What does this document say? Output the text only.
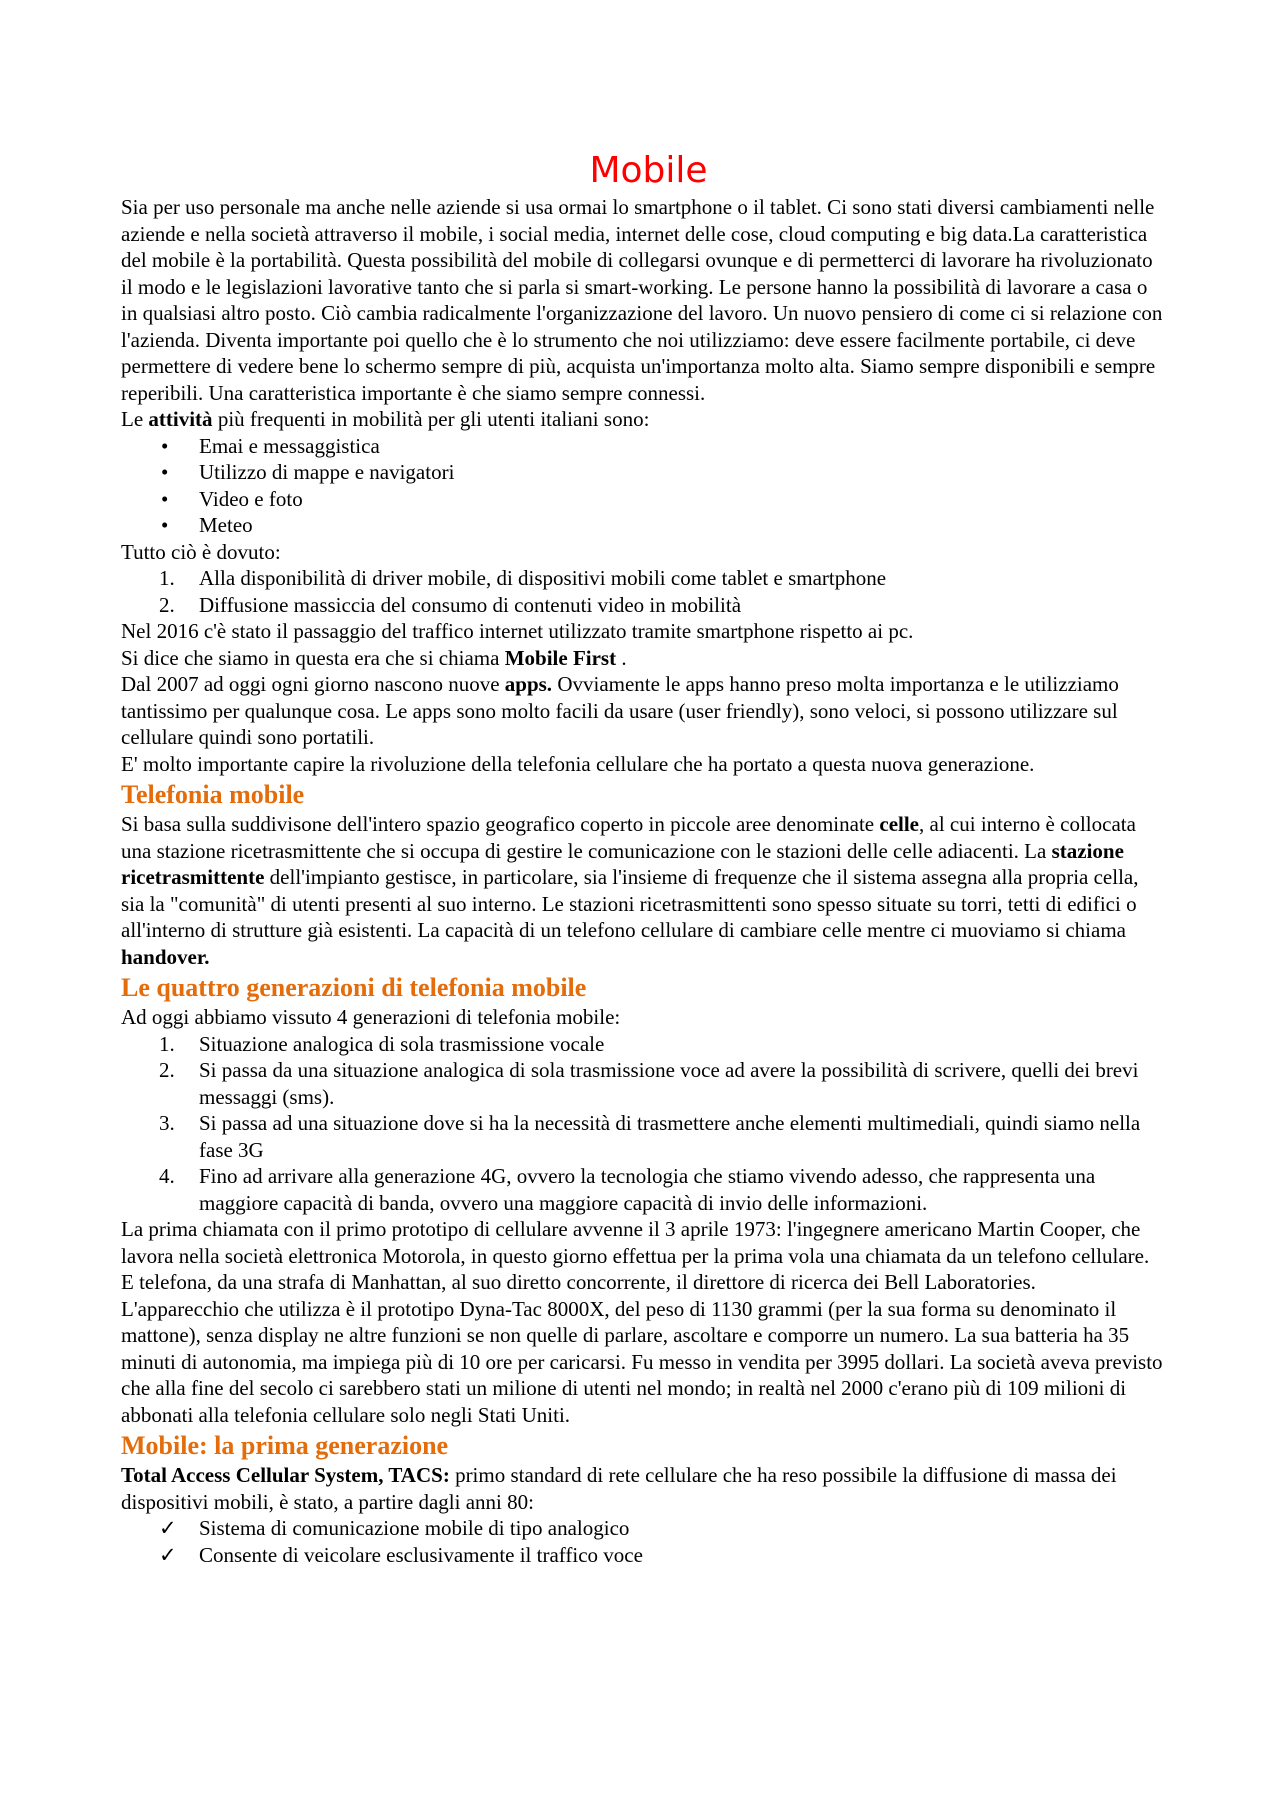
Mobile

Sia per uso personale ma anche nelle aziende si usa ormai lo smartphone o il tablet. Ci sono stati diversi cambiamenti nelle aziende e nella società attraverso il mobile, i social media, internet delle cose, cloud computing e big data.La caratteristica del mobile è la portabilità. Questa possibilità del mobile di collegarsi ovunque e di permetterci di lavorare ha rivoluzionato il modo e le legislazioni lavorative tanto che si parla si smart-working. Le persone hanno la possibilità di lavorare a casa o in qualsiasi altro posto. Ciò cambia radicalmente l'organizzazione del lavoro. Un nuovo pensiero di come ci si relazione con l'azienda. Diventa importante poi quello che è lo strumento che noi utilizziamo: deve essere facilmente portabile, ci deve permettere di vedere bene lo schermo sempre di più, acquista un'importanza molto alta. Siamo sempre disponibili e sempre reperibili. Una caratteristica importante è che siamo sempre connessi.

Le attività più frequenti in mobilità per gli utenti italiani sono:

•	Emai e messaggistica
•	Utilizzo di mappe e navigatori
•	Video e foto
•	Meteo

Tutto ciò è dovuto:

1.	Alla disponibilità di driver mobile, di dispositivi mobili come tablet e smartphone
2.	Diffusione massiccia del consumo di contenuti video in mobilità

Nel 2016 c'è stato il passaggio del traffico internet utilizzato tramite smartphone rispetto ai pc.

Si dice che siamo in questa era che si chiama Mobile First .

Dal 2007 ad oggi ogni giorno nascono nuove apps. Ovviamente le apps hanno preso molta importanza e le utilizziamo tantissimo per qualunque cosa. Le apps sono molto facili da usare (user friendly), sono veloci, si possono utilizzare sul cellulare quindi sono portatili.

E' molto importante capire la rivoluzione della telefonia cellulare che ha portato a questa nuova generazione.

Telefonia mobile

Si basa sulla suddivisone dell'intero spazio geografico coperto in piccole aree denominate celle, al cui interno è collocata una stazione ricetrasmittente che si occupa di gestire le comunicazione con le stazioni delle celle adiacenti. La stazione ricetrasmittente dell'impianto gestisce, in particolare, sia l'insieme di frequenze che il sistema assegna alla propria cella, sia la "comunità" di utenti presenti al suo interno. Le stazioni ricetrasmittenti sono spesso situate su torri, tetti di edifici o all'interno di strutture già esistenti. La capacità di un telefono cellulare di cambiare celle mentre ci muoviamo si chiama handover.

Le quattro generazioni di telefonia mobile

Ad oggi abbiamo vissuto 4 generazioni di telefonia mobile:

1.	Situazione analogica di sola trasmissione vocale
2.	Si passa da una situazione analogica di sola trasmissione voce ad avere la possibilità di scrivere, quelli dei brevi messaggi (sms).
3.	Si passa ad una situazione dove si ha la necessità di trasmettere anche elementi multimediali, quindi siamo nella fase 3G
4.	Fino ad arrivare alla generazione 4G, ovvero la tecnologia che stiamo vivendo adesso, che rappresenta una maggiore capacità di banda, ovvero una maggiore capacità di invio delle informazioni.

La prima chiamata con il primo prototipo di cellulare avvenne il 3 aprile 1973: l'ingegnere americano Martin Cooper, che lavora nella società elettronica Motorola, in questo giorno effettua per la prima vola una chiamata da un telefono cellulare. E telefona, da una strafa di Manhattan, al suo diretto concorrente, il direttore di ricerca dei Bell Laboratories.

L'apparecchio che utilizza è il prototipo Dyna-Tac 8000X, del peso di 1130 grammi (per la sua forma su denominato il mattone), senza display ne altre funzioni se non quelle di parlare, ascoltare e comporre un numero. La sua batteria ha 35 minuti di autonomia, ma impiega più di 10 ore per caricarsi. Fu messo in vendita per 3995 dollari. La società aveva previsto che alla fine del secolo ci sarebbero stati un milione di utenti nel mondo; in realtà nel 2000 c'erano più di 109 milioni di abbonati alla telefonia cellulare solo negli Stati Uniti.

Mobile: la prima generazione

Total Access Cellular System, TACS: primo standard di rete cellulare che ha reso possibile la diffusione di massa dei dispositivi mobili, è stato, a partire dagli anni 80:

✓	Sistema di comunicazione mobile di tipo analogico
✓	Consente di veicolare esclusivamente il traffico voce
